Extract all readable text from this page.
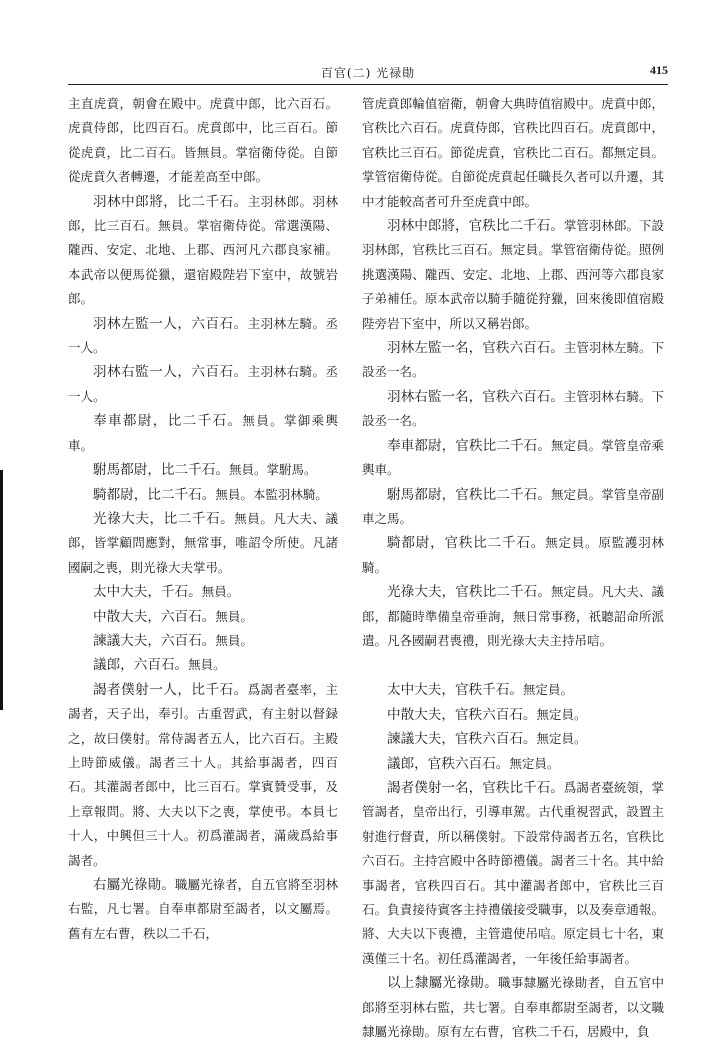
百官(二) 光禄勛	415

主直虎賁，朝會在殿中。虎賁中郎，比六百石。虎賁侍郎，比四百石。虎賁郎中，比三百石。節從虎賁，比二百石。皆無員。掌宿衛侍從。自節從虎賁久者轉遷，才能差高至中郎。

羽林中郎將，比二千石。主羽林郎。羽林郎，比三百石。無員。掌宿衛侍從。常選漢陽、隴西、安定、北地、上郡、西河凡六郡良家補。本武帝以便馬從獵，還宿殿陛岩下室中，故號岩郎。

羽林左監一人，六百石。主羽林左騎。丞一人。

羽林右監一人，六百石。主羽林右騎。丞一人。

奉車都尉，比二千石。無員。掌御乘輿車。

駙馬都尉，比二千石。無員。掌駙馬。

騎都尉，比二千石。無員。本監羽林騎。

光祿大夫，比二千石。無員。凡大夫、議郎，皆掌顧問應對，無常事，唯詔令所使。凡諸國嗣之喪，則光祿大夫掌弔。

太中大夫，千石。無員。

中散大夫，六百石。無員。

諫議大夫，六百石。無員。

議郎，六百石。無員。

謁者僕射一人，比千石。爲謁者臺率，主謁者，天子出，奉引。古重習武，有主射以督録之，故曰僕射。常侍謁者五人，比六百石。主殿上時節威儀。謁者三十人。其給事謁者，四百石。其灌謁者郎中，比三百石。掌賓贊受事，及上章報問。將、大夫以下之喪，掌使弔。本員七十人，中興但三十人。初爲灌謁者，滿歲爲給事謁者。

右屬光祿勛。職屬光祿者，自五官將至羽林右監，凡七署。自奉車都尉至謁者，以文屬焉。舊有左右曹，秩以二千石，

管虎賁郎輪值宿衛，朝會大典時值宿殿中。虎賁中郎，官秩比六百石。虎賁侍郎，官秩比四百石。虎賁郎中，官秩比三百石。節從虎賁，官秩比二百石。都無定員。掌管宿衛侍從。自節從虎賁起任職長久者可以升遷，其中才能較高者可升至虎賁中郎。

羽林中郎將，官秩比二千石。掌管羽林郎。下設羽林郎，官秩比三百石。無定員。掌管宿衛侍從。照例挑選漢陽、隴西、安定、北地、上郡、西河等六郡良家子弟補任。原本武帝以騎手隨從狩獵，回來後即值宿殿陛旁岩下室中，所以又稱岩郎。

羽林左監一名，官秩六百石。主管羽林左騎。下設丞一名。

羽林右監一名，官秩六百石。主管羽林右騎。下設丞一名。

奉車都尉，官秩比二千石。無定員。掌管皇帝乘輿車。

駙馬都尉，官秩比二千石。無定員。掌管皇帝副車之馬。

騎都尉，官秩比二千石。無定員。原監護羽林騎。

光祿大夫，官秩比二千石。無定員。凡大夫、議郎，都隨時準備皇帝垂詢，無日常事務，祇聽詔命所派遣。凡各國嗣君喪禮，則光祿大夫主持吊唁。

太中大夫，官秩千石。無定員。

中散大夫，官秩六百石。無定員。

諫議大夫，官秩六百石。無定員。

議郎，官秩六百石。無定員。

謁者僕射一名，官秩比千石。爲謁者臺統領，掌管謁者，皇帝出行，引導車駕。古代重視習武，設置主射進行督責，所以稱僕射。下設常侍謁者五名，官秩比六百石。主持宫殿中各時節禮儀。謁者三十名。其中給事謁者，官秩四百石。其中灌謁者郎中，官秩比三百石。負責接待賓客主持禮儀接受職事，以及奏章通報。將、大夫以下喪禮，主管遣使吊唁。原定員七十名，東漢僅三十名。初任爲灌謁者，一年後任給事謁者。

以上隸屬光祿勛。職事隸屬光祿勛者，自五官中郎將至羽林右監，共七署。自奉車都尉至謁者，以文職隸屬光祿勛。原有左右曹，官秩二千石，居殿中，負
